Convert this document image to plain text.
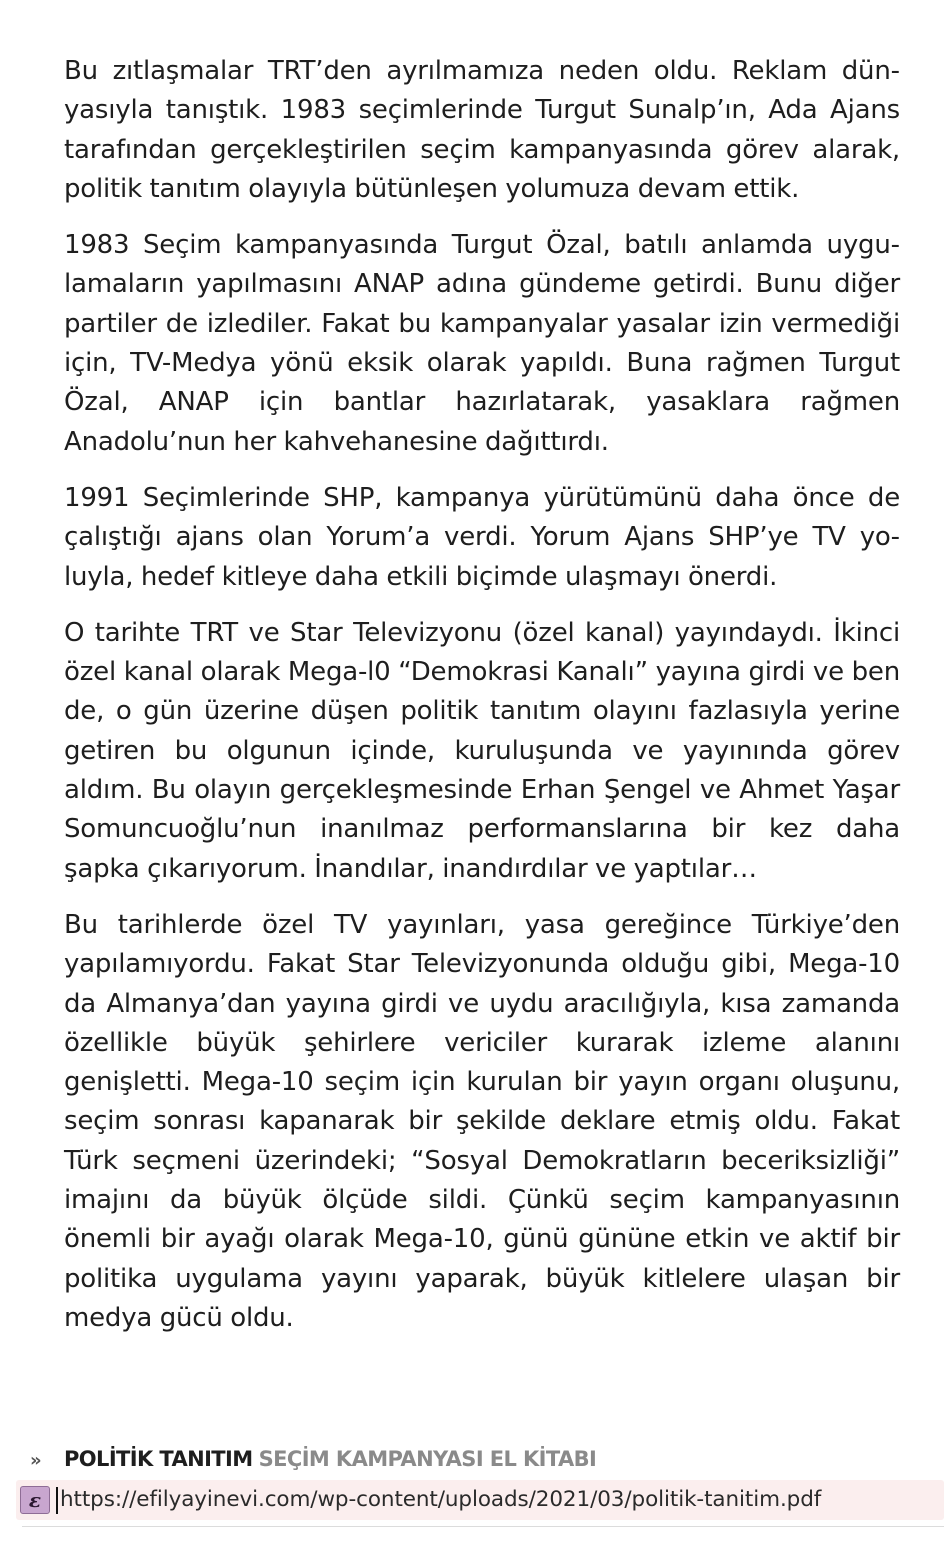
Bu zıtlaşmalar TRT’den ayrılmamıza neden oldu. Reklam dünyasıyla tanıştık. 1983 seçimlerinde Turgut Sunalp’ın, Ada Ajans tarafından gerçekleştirilen seçim kampanyasında görev alarak, politik tanıtım olayıyla bütünleşen yolumuza devam ettik.

1983 Seçim kampanyasında Turgut Özal, batılı anlamda uygulamaların yapılmasını ANAP adına gündeme getirdi. Bunu diğer partiler de izlediler. Fakat bu kampanyalar yasalar izin vermediği için, TV-Medya yönü eksik olarak yapıldı. Buna rağmen Turgut Özal, ANAP için bantlar hazırlatarak, yasaklara rağmen Anadolu’nun her kahvehanesine dağıttırdı.

1991 Seçimlerinde SHP, kampanya yürütümünü daha önce de çalıştığı ajans olan Yorum’a verdi. Yorum Ajans SHP’ye TV yoluyla, hedef kitleye daha etkili biçimde ulaşmayı önerdi.

O tarihte TRT ve Star Televizyonu (özel kanal) yayındaydı. İkinci özel kanal olarak Mega-l0 “Demokrasi Kanalı” yayına girdi ve ben de, o gün üzerine düşen politik tanıtım olayını fazlasıyla yerine getiren bu olgunun içinde, kuruluşunda ve yayınında görev aldım. Bu olayın gerçekleşmesinde Erhan Şengel ve Ahmet Yaşar Somuncuoğlu’nun inanılmaz performanslarına bir kez daha şapka çıkarıyorum. İnandılar, inandırdılar ve yaptılar…

Bu tarihlerde özel TV yayınları, yasa gereğince Türkiye’den yapılamıyordu. Fakat Star Televizyonunda olduğu gibi, Mega-10 da Almanya’dan yayına girdi ve uydu aracılığıyla, kısa zamanda özellikle büyük şehirlere vericiler kurarak izleme alanını genişletti. Mega-10 seçim için kurulan bir yayın organı oluşunu, seçim sonrası kapanarak bir şekilde deklare etmiş oldu. Fakat Türk seçmeni üzerindeki; “Sosyal Demokratların beceriksizliği” imajını da büyük ölçüde sildi. Çünkü seçim kampanyasının önemli bir ayağı olarak Mega-10, günü gününe etkin ve aktif bir politika uygulama yayını yaparak, büyük kitlelere ulaşan bir medya gücü oldu.

» POLİTİK TANITIM SEÇİM KAMPANYASI EL KİTABI
ɛ https://efilyayinevi.com/wp-content/uploads/2021/03/politik-tanitim.pdf
